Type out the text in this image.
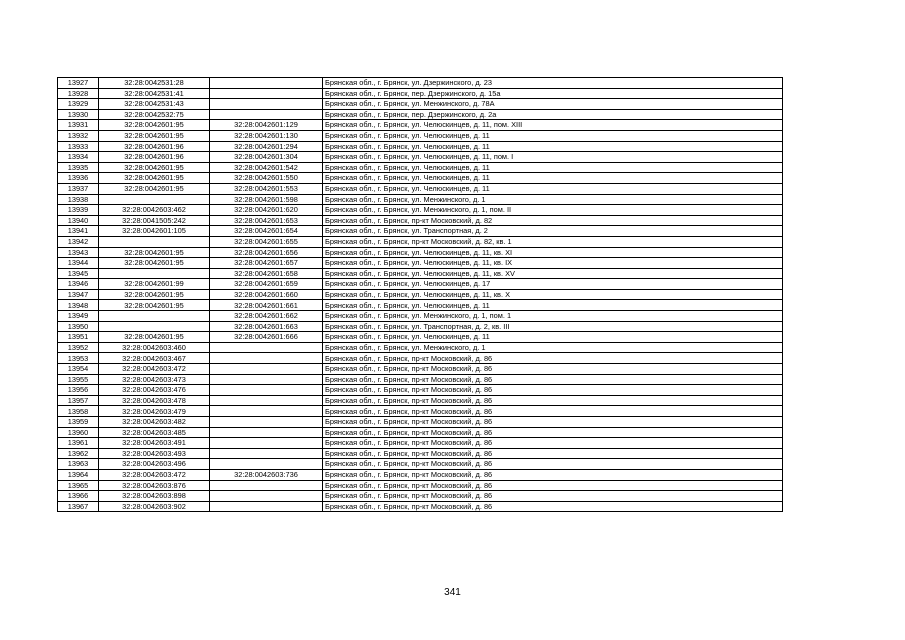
13927	32:28:0042531:28		Брянская обл., г. Брянск, ул. Дзержинского, д. 23
13928	32:28:0042531:41		Брянская обл., г. Брянск, пер. Дзержинского, д. 15а
13929	32:28:0042531:43		Брянская обл., г. Брянск, ул. Менжинского, д. 78А
13930	32:28:0042532:75		Брянская обл., г. Брянск, пер. Дзержинского, д. 2а
13931	32:28:0042601:95	32:28:0042601:129	Брянская обл., г. Брянск, ул. Челюскинцев, д. 11, пом. XIII
13932	32:28:0042601:95	32:28:0042601:130	Брянская обл., г. Брянск, ул. Челюскинцев, д. 11
13933	32:28:0042601:96	32:28:0042601:294	Брянская обл., г. Брянск, ул. Челюскинцев, д. 11
13934	32:28:0042601:96	32:28:0042601:304	Брянская обл., г. Брянск, ул. Челюскинцев, д. 11, пом. I
13935	32:28:0042601:95	32:28:0042601:542	Брянская обл., г. Брянск, ул. Челюскинцев, д. 11
13936	32:28:0042601:95	32:28:0042601:550	Брянская обл., г. Брянск, ул. Челюскинцев, д. 11
13937	32:28:0042601:95	32:28:0042601:553	Брянская обл., г. Брянск, ул. Челюскинцев, д. 11
13938		32:28:0042601:598	Брянская обл., г. Брянск, ул. Менжинского, д. 1
13939	32:28:0042603:462	32:28:0042601:620	Брянская обл., г. Брянск, ул. Менжинского, д. 1, пом. II
13940	32:28:0041505:242	32:28:0042601:653	Брянская обл., г. Брянск, пр-кт Московский, д. 82
13941	32:28:0042601:105	32:28:0042601:654	Брянская обл., г. Брянск, ул. Транспортная, д. 2
13942		32:28:0042601:655	Брянская обл., г. Брянск, пр-кт Московский, д. 82, кв. 1
13943	32:28:0042601:95	32:28:0042601:656	Брянская обл., г. Брянск, ул. Челюскинцев, д. 11, кв. XI
13944	32:28:0042601:95	32:28:0042601:657	Брянская обл., г. Брянск, ул. Челюскинцев, д. 11, кв. IX
13945		32:28:0042601:658	Брянская обл., г. Брянск, ул. Челюскинцев, д. 11, кв. XV
13946	32:28:0042601:99	32:28:0042601:659	Брянская обл., г. Брянск, ул. Челюскинцев, д. 17
13947	32:28:0042601:95	32:28:0042601:660	Брянская обл., г. Брянск, ул. Челюскинцев, д. 11, кв. X
13948	32:28:0042601:95	32:28:0042601:661	Брянская обл., г. Брянск, ул. Челюскинцев, д. 11
13949		32:28:0042601:662	Брянская обл., г. Брянск, ул. Менжинского, д. 1, пом. 1
13950		32:28:0042601:663	Брянская обл., г. Брянск, ул. Транспортная, д. 2, кв. III
13951	32:28:0042601:95	32:28:0042601:666	Брянская обл., г. Брянск, ул. Челюскинцев, д. 11
13952	32:28:0042603:460		Брянская обл., г. Брянск, ул. Менжинского, д. 1
13953	32:28:0042603:467		Брянская обл., г. Брянск, пр-кт Московский, д. 86
13954	32:28:0042603:472		Брянская обл., г. Брянск, пр-кт Московский, д. 86
13955	32:28:0042603:473		Брянская обл., г. Брянск, пр-кт Московский, д. 86
13956	32:28:0042603:476		Брянская обл., г. Брянск, пр-кт Московский, д. 86
13957	32:28:0042603:478		Брянская обл., г. Брянск, пр-кт Московский, д. 86
13958	32:28:0042603:479		Брянская обл., г. Брянск, пр-кт Московский, д. 86
13959	32:28:0042603:482		Брянская обл., г. Брянск, пр-кт Московский, д. 86
13960	32:28:0042603:485		Брянская обл., г. Брянск, пр-кт Московский, д. 86
13961	32:28:0042603:491		Брянская обл., г. Брянск, пр-кт Московский, д. 86
13962	32:28:0042603:493		Брянская обл., г. Брянск, пр-кт Московский, д. 86
13963	32:28:0042603:496		Брянская обл., г. Брянск, пр-кт Московский, д. 86
13964	32:28:0042603:472	32:28:0042603:736	Брянская обл., г. Брянск, пр-кт Московский, д. 86
13965	32:28:0042603:876		Брянская обл., г. Брянск, пр-кт Московский, д. 86
13966	32:28:0042603:898		Брянская обл., г. Брянск, пр-кт Московский, д. 86
13967	32:28:0042603:902		Брянская обл., г. Брянск, пр-кт Московский, д. 86
341
